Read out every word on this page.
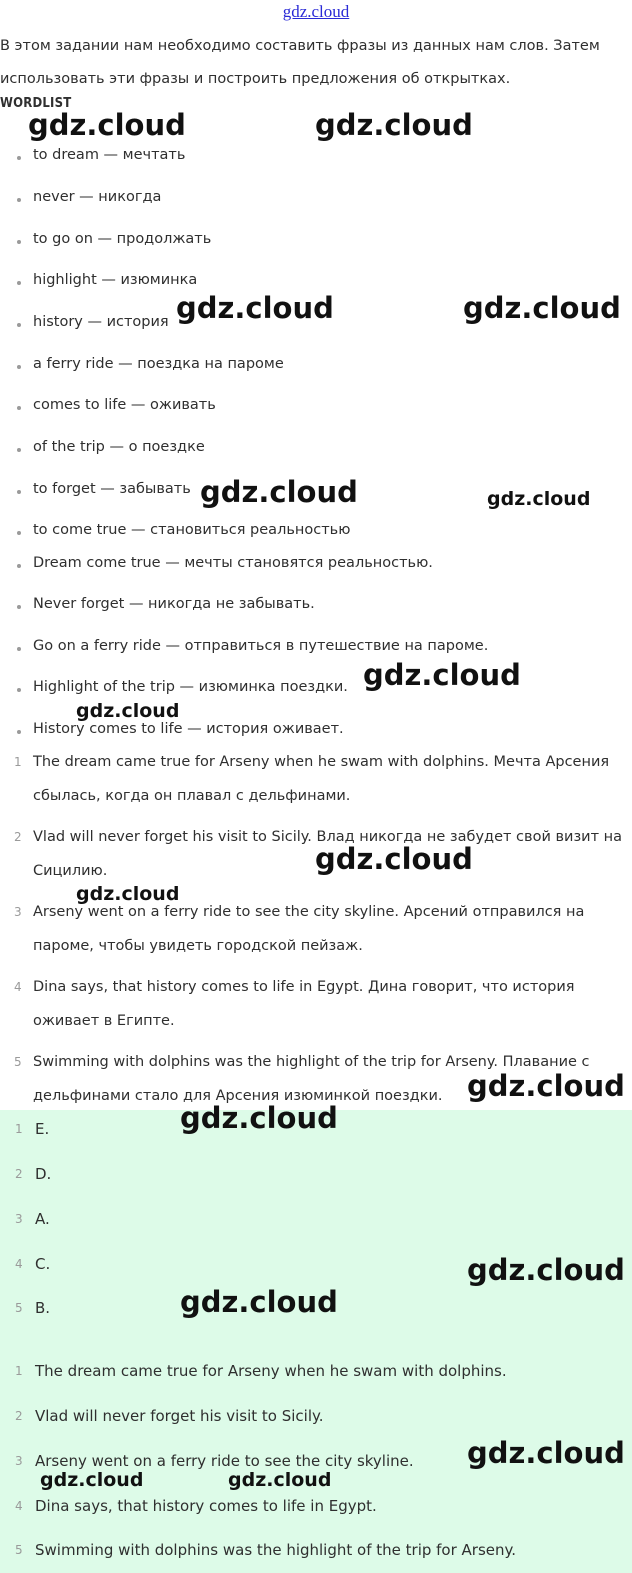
gdz.cloud

В этом задании нам необходимо составить фразы из данных нам слов. Затем использовать эти фразы и построить предложения об открытках.

WORDLIST
to dream — мечтать
never — никогда
to go on — продолжать
highlight — изюминка
history — история
a ferry ride — поездка на пароме
comes to life — оживать
of the trip — о поездке
to forget — забывать
to come true — становиться реальностью
Dream come true — мечты становятся реальностью.
Never forget — никогда не забывать.
Go on a ferry ride — отправиться в путешествие на пароме.
Highlight of the trip — изюминка поездки.
History comes to life — история оживает.
1 The dream came true for Arseny when he swam with dolphins. Мечта Арсения сбылась, когда он плавал с дельфинами.
2 Vlad will never forget his visit to Sicily. Влад никогда не забудет свой визит на Сицилию.
3 Arseny went on a ferry ride to see the city skyline. Арсений отправился на пароме, чтобы увидеть городской пейзаж.
4 Dina says, that history comes to life in Egypt. Дина говорит, что история оживает в Египте.
5 Swimming with dolphins was the highlight of the trip for Arseny. Плавание с дельфинами стало для Арсения изюминкой поездки.
1 E.
2 D.
3 A.
4 C.
5 B.
1 The dream came true for Arseny when he swam with dolphins.
2 Vlad will never forget his visit to Sicily.
3 Arseny went on a ferry ride to see the city skyline.
4 Dina says, that history comes to life in Egypt.
5 Swimming with dolphins was the highlight of the trip for Arseny.
gdz.cloud	gdz.cloud
gdz.cloud	gdz.cloud
gdz.cloud	gdz.cloud
gdz.cloud
gdz.cloud
gdz.cloud
gdz.cloud
gdz.cloud
gdz.cloud
gdz.cloud
gdz.cloud
gdz.cloud
gdz.cloud	gdz.cloud
